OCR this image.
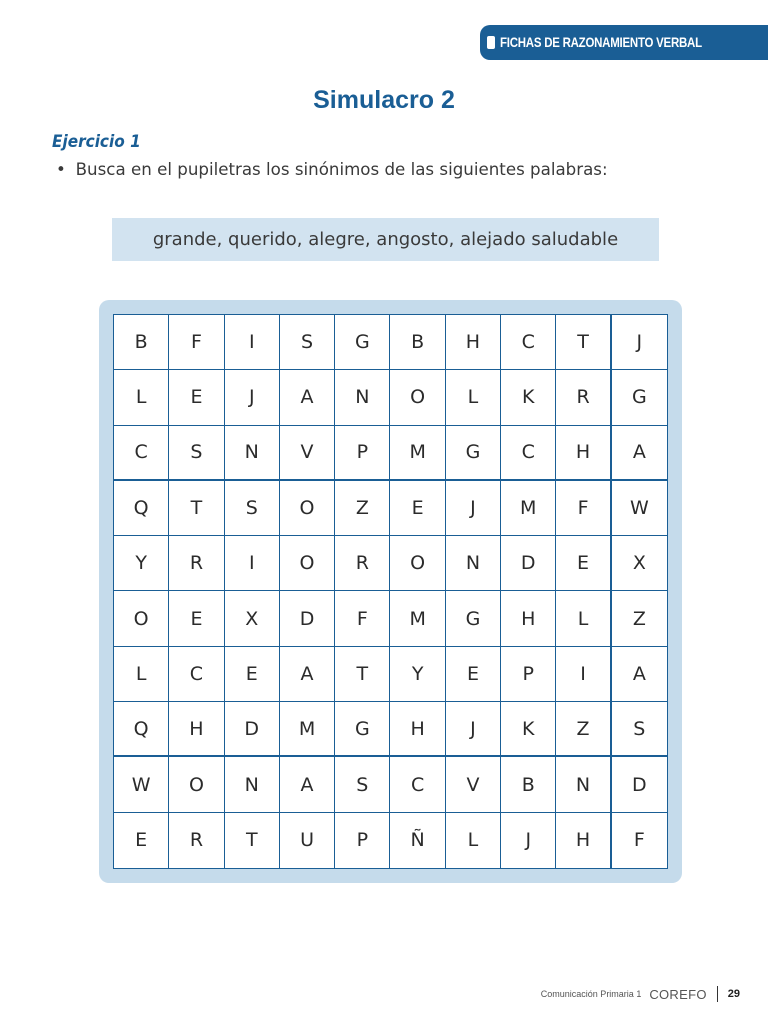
FICHAS DE RAZONAMIENTO VERBAL
Simulacro 2
Ejercicio 1

• Busca en el pupiletras los sinónimos de las siguientes palabras:

grande, querido, alegre, angosto, alejado saludable
B	F	I	S	G	B	H	C	T	J
L	E	J	A	N	O	L	K	R	G
C	S	N	V	P	M	G	C	H	A
Q	T	S	O	Z	E	J	M	F	W
Y	R	I	O	R	O	N	D	E	X
O	E	X	D	F	M	G	H	L	Z
L	C	E	A	T	Y	E	P	I	A
Q	H	D	M	G	H	J	K	Z	S
W	O	N	A	S	C	V	B	N	D
E	R	T	U	P	Ñ	L	J	H	F
Comunicación Primaria 1 COREFO 29
